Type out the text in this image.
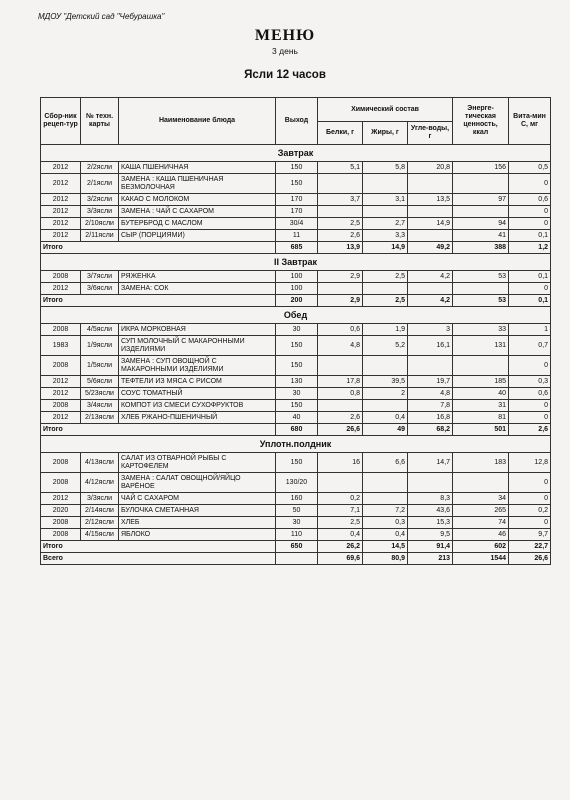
МДОУ "Детский сад "Чебурашка"
МЕНЮ
3 день
Ясли 12 часов
Сбор-ник рецеп-тур	№ техн. карты	Наименование блюда	Выход	Химический состав			Энерге-тическая ценность, ккал	Вита-мин С, мг
				Белки, г	Жиры, г	Угле-воды, г		
Завтрак								
2012	2/2ясли	КАША ПШЕНИЧНАЯ	150	5,1	5,8	20,8	156	0,5
2012	2/1ясли	ЗАМЕНА : КАША ПШЕНИЧНАЯ БЕЗМОЛОЧНАЯ	150					0
2012	3/2ясли	КАКАО С МОЛОКОМ	170	3,7	3,1	13,5	97	0,6
2012	3/3ясли	ЗАМЕНА : ЧАЙ С САХАРОМ	170					0
2012	2/10ясли	БУТЕРБРОД С МАСЛОМ	30/4	2,5	2,7	14,9	94	0
2012	2/11ясли	СЫР (ПОРЦИЯМИ)	11	2,6	3,3		41	0,1
Итого			685	13,9	14,9	49,2	388	1,2
II Завтрак								
2008	3/7ясли	РЯЖЕНКА	100	2,9	2,5	4,2	53	0,1
2012	3/6ясли	ЗАМЕНА: СОК	100					0
Итого			200	2,9	2,5	4,2	53	0,1
Обед								
2008	4/5ясли	ИКРА МОРКОВНАЯ	30	0,6	1,9	3	33	1
1983	1/9ясли	СУП МОЛОЧНЫЙ С МАКАРОННЫМИ ИЗДЕЛИЯМИ	150	4,8	5,2	16,1	131	0,7
2008	1/5ясли	ЗАМЕНА : СУП ОВОЩНОЙ С МАКАРОННЫМИ ИЗДЕЛИЯМИ	150					0
2012	5/6ясли	ТЕФТЕЛИ ИЗ МЯСА С РИСОМ	130	17,8	39,5	19,7	185	0,3
2012	5/23ясли	СОУС ТОМАТНЫЙ	30	0,8	2	4,8	40	0,6
2008	3/4ясли	КОМПОТ ИЗ СМЕСИ СУХОФРУКТОВ	150			7,8	31	0
2012	2/13ясли	ХЛЕБ РЖАНО-ПШЕНИЧНЫЙ	40	2,6	0,4	16,8	81	0
Итого			680	26,6	49	68,2	501	2,6
Уплотн.полдник								
2008	4/13ясли	САЛАТ ИЗ ОТВАРНОЙ РЫБЫ С КАРТОФЕЛЕМ	150	16	6,6	14,7	183	12,8
2008	4/12ясли	ЗАМЕНА : САЛАТ ОВОЩНОЙ/ЯЙЦО ВАРЁНОЕ	130/20					0
2012	3/3ясли	ЧАЙ С САХАРОМ	160	0,2		8,3	34	0
2020	2/14ясли	БУЛОЧКА СМЕТАННАЯ	50	7,1	7,2	43,6	265	0,2
2008	2/12ясли	ХЛЕБ	30	2,5	0,3	15,3	74	0
2008	4/15ясли	ЯБЛОКО	110	0,4	0,4	9,5	46	9,7
Итого			650	26,2	14,5	91,4	602	22,7
Всего				69,6	80,9	213	1544	26,6
